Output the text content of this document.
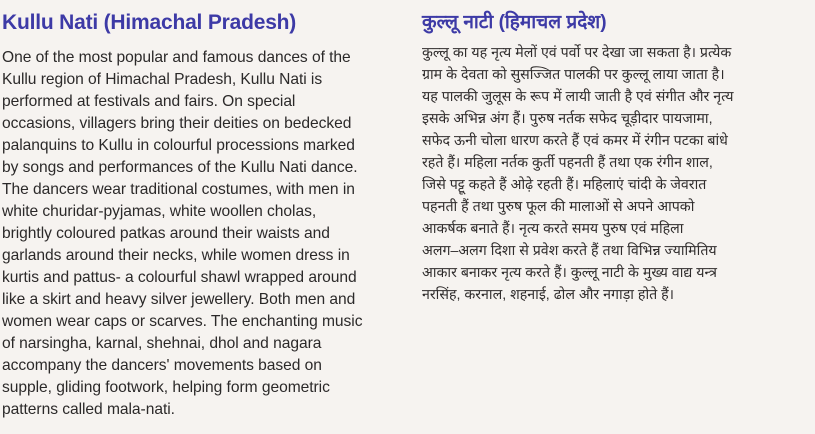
Kullu Nati (Himachal Pradesh)
One of the most popular and famous dances of the
Kullu region of Himachal Pradesh, Kullu Nati is
performed at festivals and fairs. On special
occasions, villagers bring their deities on bedecked
palanquins to Kullu in colourful processions marked
by songs and performances of the Kullu Nati dance.
The dancers wear traditional costumes, with men in
white churidar-pyjamas, white woollen cholas,
brightly coloured patkas around their waists and
garlands around their necks, while women dress in
kurtis and pattus- a colourful shawl wrapped around
like a skirt and heavy silver jewellery. Both men and
women wear caps or scarves. The enchanting music
of narsingha, karnal, shehnai, dhol and nagara
accompany the dancers' movements based on
supple, gliding footwork, helping form geometric
patterns called mala-nati.
कुल्लू नाटी (हिमाचल प्रदेश)
कुल्लू का यह नृत्य मेलों एवं पर्वो पर देखा जा सकता है। प्रत्येक
ग्राम के देवता को सुसज्जित पालकी पर कुल्लू लाया जाता है।
यह पालकी जुलूस के रूप में लायी जाती है एवं संगीत और नृत्य
इसके अभिन्न अंग हैं। पुरुष नर्तक सफेद चूड़ीदार पायजामा,
सफेद ऊनी चोला धारण करते हैं एवं कमर में रंगीन पटका बांधे
रहते हैं। महिला नर्तक कुर्ती पहनती हैं तथा एक रंगीन शाल,
जिसे पट्टू कहते हैं ओढ़े रहती हैं। महिलाएं चांदी के जेवरात
पहनती हैं तथा पुरुष फूल की मालाओं से अपने आपको
आकर्षक बनाते हैं। नृत्य करते समय पुरुष एवं महिला
अलग–अलग दिशा से प्रवेश करते हैं तथा विभिन्न ज्यामितिय
आकार बनाकर नृत्य करते हैं। कुल्लू नाटी के मुख्य वाद्य यन्त्र
नरसिंह, करनाल, शहनाई, ढोल और नगाड़ा होते हैं।
